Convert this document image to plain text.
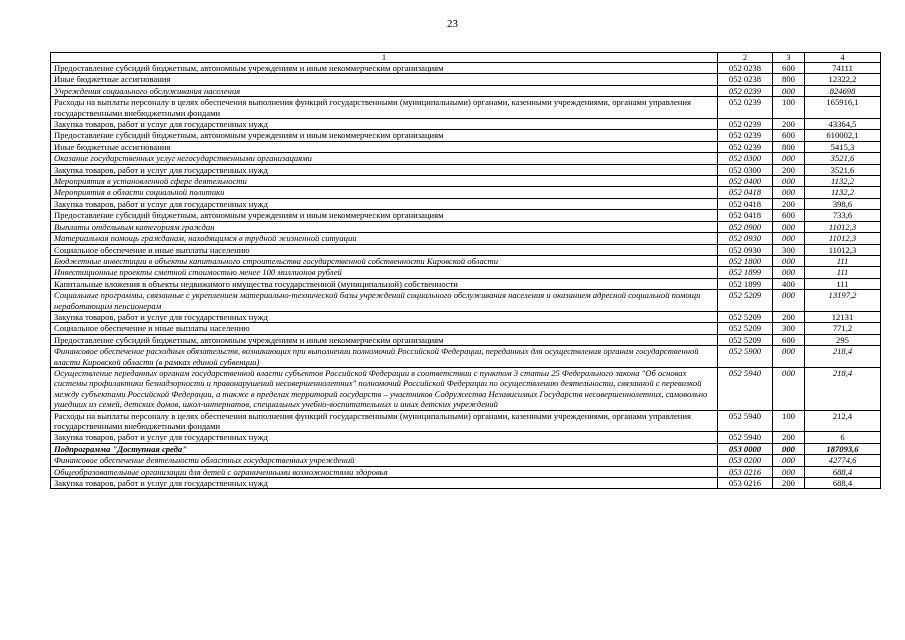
23
1	2	3	4
Предоставление субсидий бюджетным, автономным учреждениям и иным некоммерческим организациям	052 0238	600	74111
Иные бюджетные ассигнования	052 0238	800	12322,2
Учреждения социального обслуживания населения	052 0239	000	824698
Расходы на выплаты персоналу в целях обеспечения выполнения функций государственными (муниципальными) органами, казенными учреждениями, органами управления государственными внебюджетными фондами	052 0239	100	165916,1
Закупка товаров, работ и услуг для государственных нужд	052 0239	200	43364,5
Предоставление субсидий бюджетным, автономным учреждениям и иным некоммерческим организациям	052 0239	600	610002,1
Иные бюджетные ассигнования	052 0239	800	5415,3
Оказание государственных услуг негосударственными организациями	052 0300	000	3521,6
Закупка товаров, работ и услуг для государственных нужд	052 0300	200	3521,6
Мероприятия в установленной сфере деятельности	052 0400	000	1132,2
Мероприятия в области социальной политики	052 0418	000	1132,2
Закупка товаров, работ и услуг для государственных нужд	052 0418	200	398,6
Предоставление субсидий бюджетным, автономным учреждениям и иным некоммерческим организациям	052 0418	600	733,6
Выплаты отдельным категориям граждан	052 0900	000	11012,3
Материальная помощь гражданам, находящимся в трудной жизненной ситуации	052 0930	000	11012,3
Социальное обеспечение и иные выплаты населению	052 0930	300	11012,3
Бюджетные инвестиции в объекты капитального строительства государственной собственности Кировской области	052 1800	000	111
Инвестиционные проекты сметной стоимостью менее 100 миллионов рублей	052 1899	000	111
Капитальные вложения в объекты недвижимого имущества государственной (муниципальной) собственности	052 1899	400	111
Социальные программы, связанные с укреплением материально-технической базы учреждений социального обслуживания населения и оказанием адресной социальной помощи неработающим пенсионерам	052 5209	000	13197,2
Закупка товаров, работ и услуг для государственных нужд	052 5209	200	12131
Социальное обеспечение и иные выплаты населению	052 5209	300	771,2
Предоставление субсидий бюджетным, автономным учреждениям и иным некоммерческим организациям	052 5209	600	295
Финансовое обеспечение расходных обязательств, возникающих при выполнении полномочий Российской Федерации, переданных для осуществления органам государственной власти Кировской области (в рамках единой субвенции)	052 5900	000	218,4
Осуществление переданных органам государственной власти субъектов Российской Федерации в соответствии с пунктом 3 статьи 25 Федерального закона "Об основах системы профилактики безнадзорности и правонарушений несовершеннолетних" полномочий Российской Федерации по осуществлению деятельности, связанной с перевозкой между субъектами Российской Федерации, а также в пределах территорий государств – участников Содружества Независимых Государств несовершеннолетних, самовольно ушедших из семей, детских домов, школ-интернатов, специальных учебно-воспитательных и иных детских учреждений	052 5940	000	218,4
Расходы на выплаты персоналу в целях обеспечения выполнения функций государственными (муниципальными) органами, казенными учреждениями, органами управления государственными внебюджетными фондами	052 5940	100	212,4
Закупка товаров, работ и услуг для государственных нужд	052 5940	200	6
Подпрограмма "Доступная среда"	053 0000	000	187093,6
Финансовое обеспечение деятельности областных государственных учреждений	053 0200	000	42774,6
Общеобразовательные организации для детей с ограниченными возможностями здоровья	053 0216	000	688,4
Закупка товаров, работ и услуг для государственных нужд	053 0216	200	688,4
